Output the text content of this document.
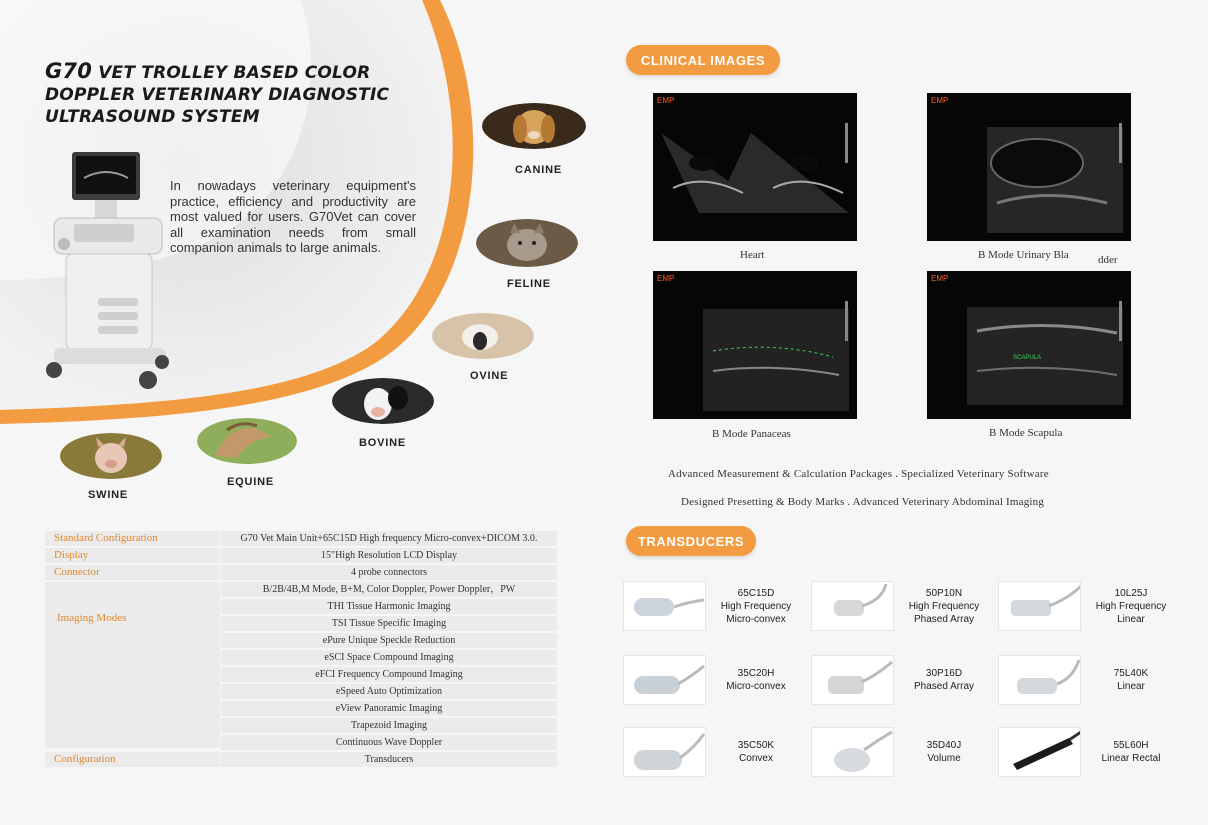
G70 VET TROLLEY BASED COLOR
DOPPLER VETERINARY DIAGNOSTIC
ULTRASOUND SYSTEM
In nowadays veterinary equipment's practice, efficiency and productivity are most valued for users. G70Vet can cover all examination needs from small companion animals to large animals.
CANINE
FELINE
OVINE
BOVINE
EQUINE
SWINE
CLINICAL IMAGES
EMP
Heart
EMP
B Mode Urinary Bla	dder
EMP
B Mode Panaceas
EMP
SCAPULA
B Mode Scapula
Advanced Measurement & Calculation Packages . Specialized Veterinary Software
Designed Presetting & Body Marks . Advanced Veterinary Abdominal Imaging
Standard Configuration	G70 Vet Main Unit+65C15D High frequency Micro-convex+DICOM 3.0.
Display	15"High Resolution LCD Display
Connector	4 probe connectors
Imaging Modes
B/2B/4B,M Mode, B+M, Color Doppler, Power Doppler，PW
THI Tissue Harmonic Imaging
TSI Tissue Specific Imaging
ePure Unique Speckle Reduction
eSCI Space Compound Imaging
eFCI Frequency Compound Imaging
eSpeed Auto Optimization
eView Panoramic Imaging
Trapezoid Imaging
Continuous Wave Doppler
Configuration	Transducers
TRANSDUCERS
65C15D
High Frequency
Micro-convex
50P10N
High Frequency
Phased Array
10L25J
High Frequency
Linear
35C20H
Micro-convex
30P16D
Phased Array
75L40K
Linear
35C50K
Convex
35D40J
Volume
55L60H
Linear Rectal
